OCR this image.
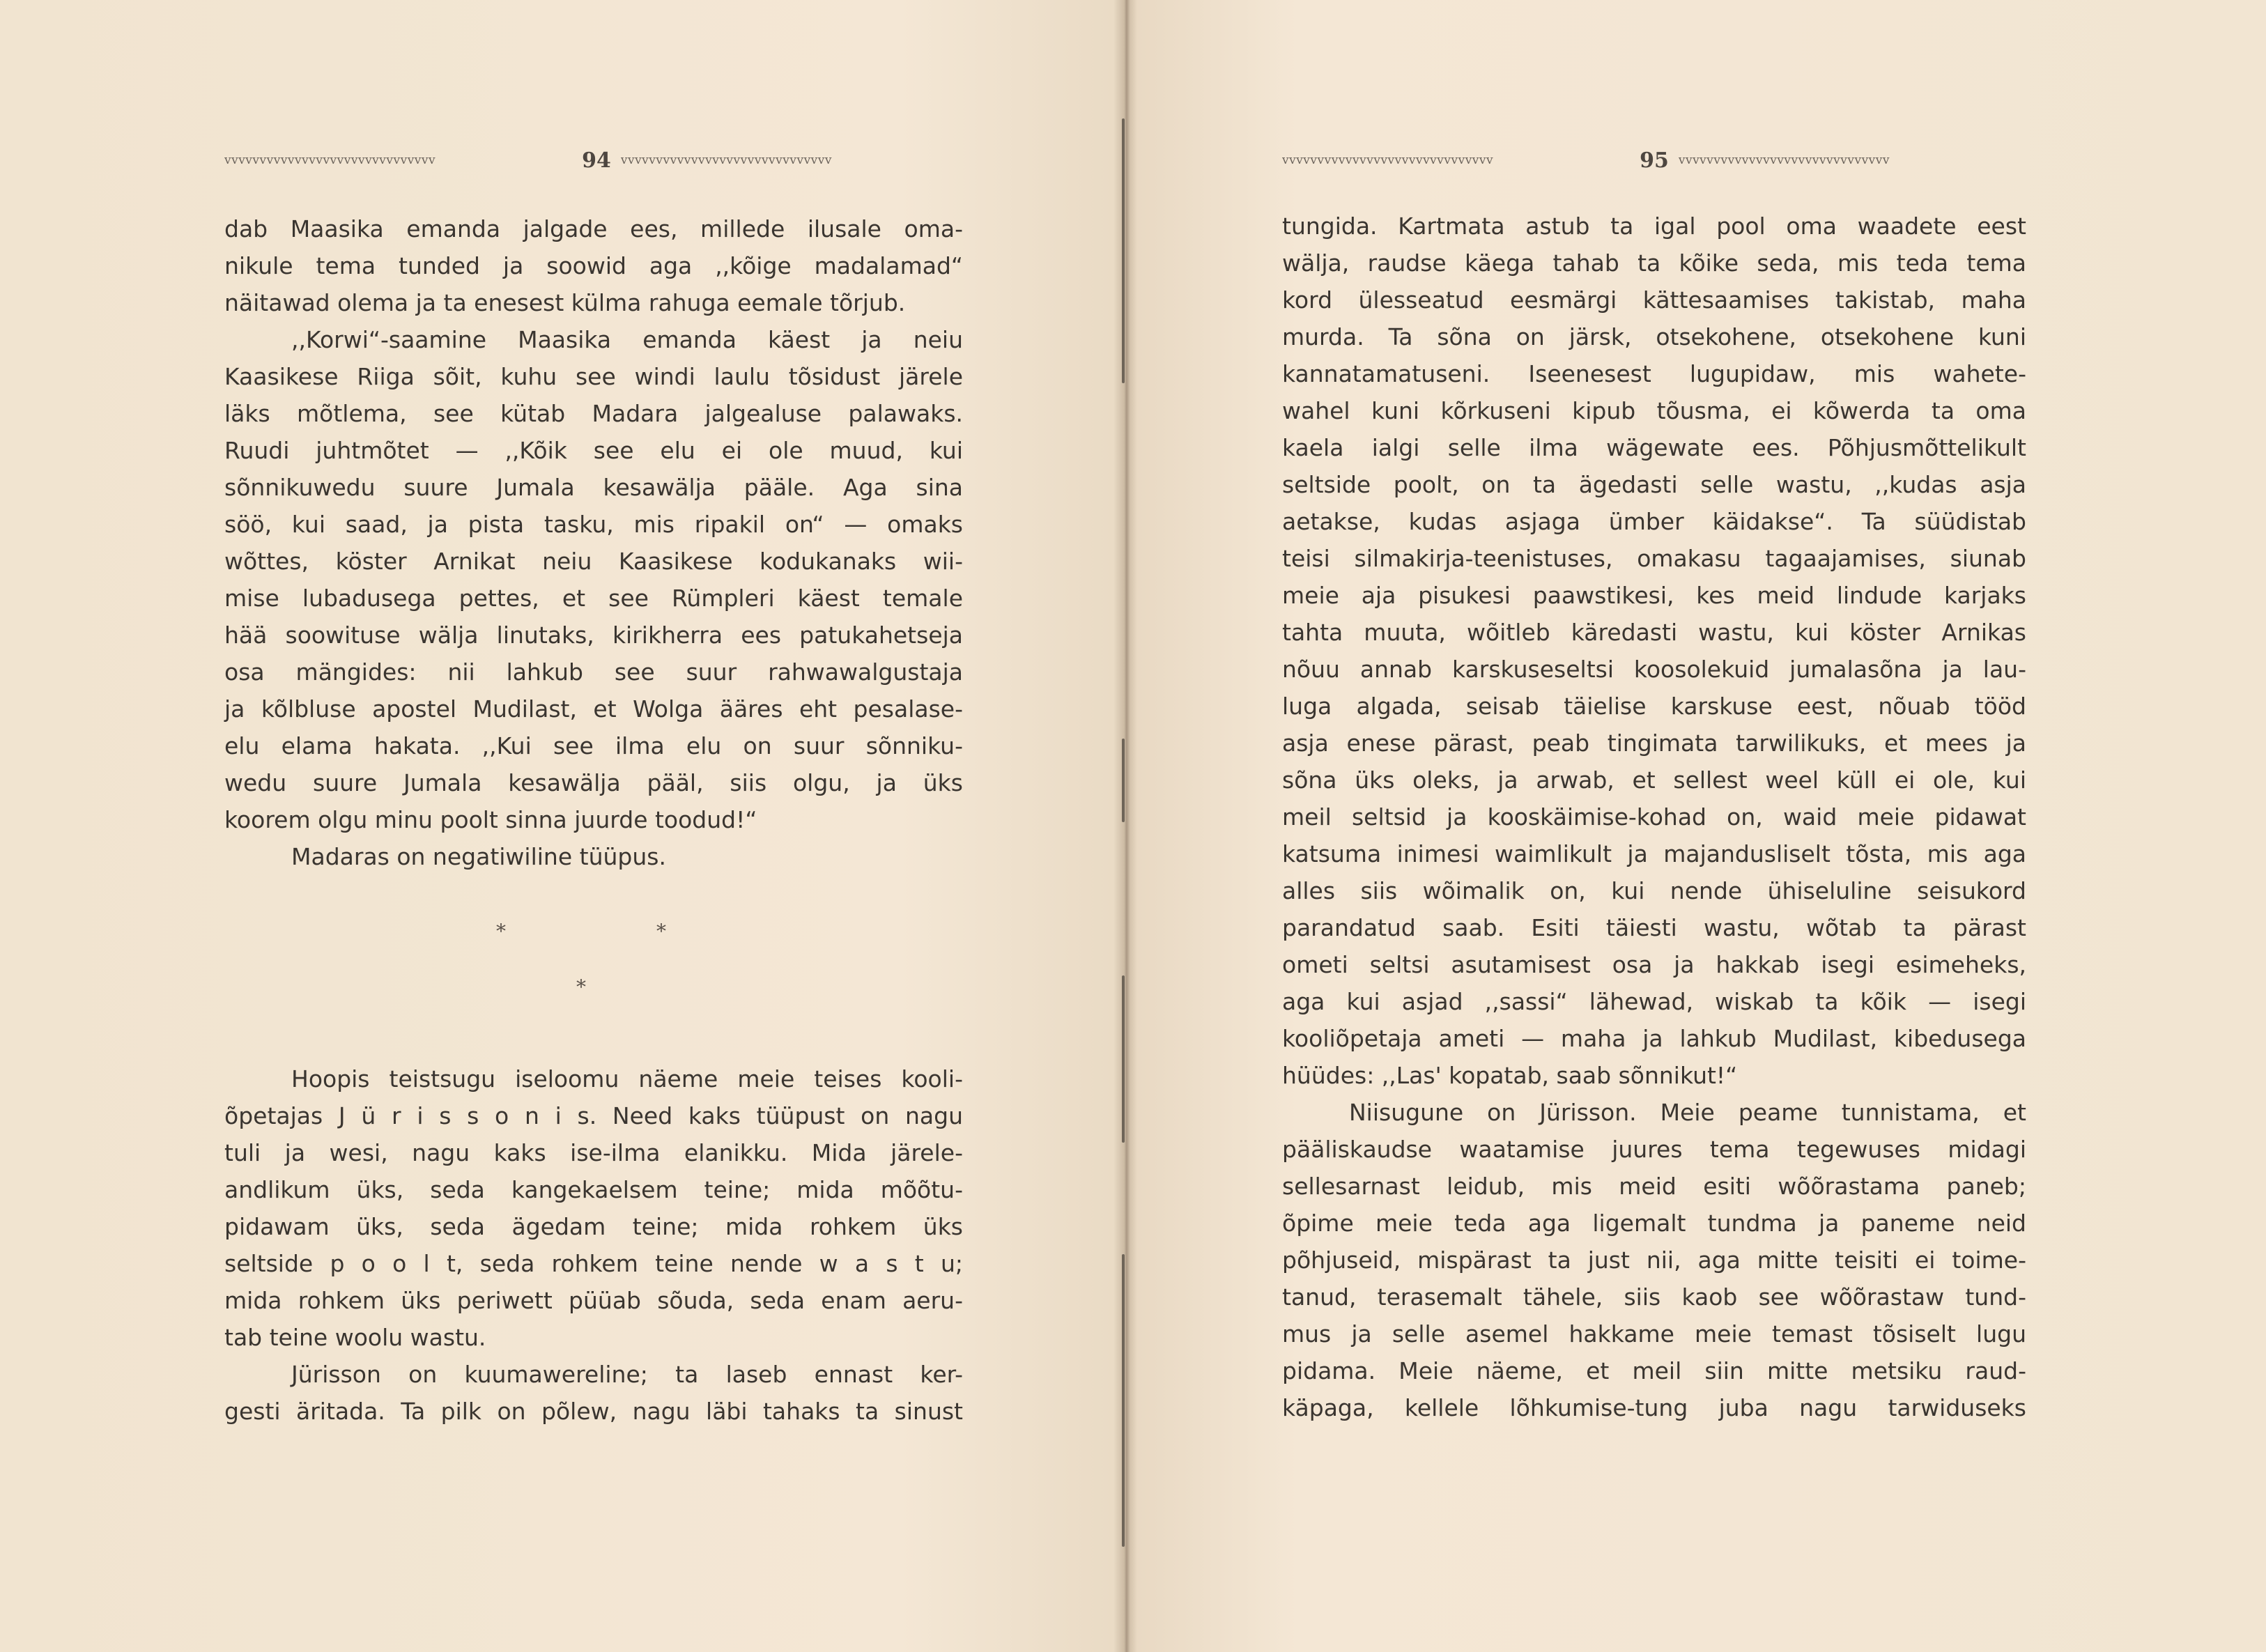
vvvvvvvvvvvvvvvvvvvvvvvvvvvvvv	94 vvvvvvvvvvvvvvvvvvvvvvvvvvvvvv
dab Maasika emanda jalgade ees, millede ilusale oma-
nikule tema tunded ja soowid aga ,,kõige madalamad“
näitawad olema ja ta enesest külma rahuga eemale tõrjub.
,,Korwi“-saamine Maasika emanda käest ja neiu
Kaasikese Riiga sõit, kuhu see windi laulu tõsidust järele
läks mõtlema, see kütab Madara jalgealuse palawaks.
Ruudi juhtmõtet — ,,Kõik see elu ei ole muud, kui
sõnnikuwedu suure Jumala kesawälja pääle. Aga sina
söö, kui saad, ja pista tasku, mis ripakil on“ — omaks
wõttes, köster Arnikat neiu Kaasikese kodukanaks wii-
mise lubadusega pettes, et see Rümpleri käest temale
hää soowituse wälja linutaks, kirikherra ees patukahetseja
osa mängides: nii lahkub see suur rahwawalgustaja
ja kõlbluse apostel Mudilast, et Wolga ääres eht pesalase-
elu elama hakata. ,,Kui see ilma elu on suur sõnniku-
wedu suure Jumala kesawälja pääl, siis olgu, ja üks
koorem olgu minu poolt sinna juurde toodud!“
Madaras on negatiwiline tüüpus.
*	*
*
Hoopis teistsugu iseloomu näeme meie teises kooli-
õpetajas J ü r i s s o n i s. Need kaks tüüpust on nagu
tuli ja wesi, nagu kaks ise-ilma elanikku. Mida järele-
andlikum üks, seda kangekaelsem teine; mida mõõtu-
pidawam üks, seda ägedam teine; mida rohkem üks
seltside p o o l t, seda rohkem teine nende w a s t u;
mida rohkem üks periwett püüab sõuda, seda enam aeru-
tab teine woolu wastu.
Jürisson on kuumawereline; ta laseb ennast ker-
gesti äritada. Ta pilk on põlew, nagu läbi tahaks ta sinust
vvvvvvvvvvvvvvvvvvvvvvvvvvvvvv	95 vvvvvvvvvvvvvvvvvvvvvvvvvvvvvv
tungida. Kartmata astub ta igal pool oma waadete eest
wälja, raudse käega tahab ta kõike seda, mis teda tema
kord ülesseatud eesmärgi kättesaamises takistab, maha
murda. Ta sõna on järsk, otsekohene, otsekohene kuni
kannatamatuseni. Iseenesest lugupidaw, mis wahete-
wahel kuni kõrkuseni kipub tõusma, ei kõwerda ta oma
kaela ialgi selle ilma wägewate ees. Põhjusmõttelikult
seltside poolt, on ta ägedasti selle wastu, ,,kudas asja
aetakse, kudas asjaga ümber käidakse“. Ta süüdistab
teisi silmakirja-teenistuses, omakasu tagaajamises, siunab
meie aja pisukesi paawstikesi, kes meid lindude karjaks
tahta muuta, wõitleb käredasti wastu, kui köster Arnikas
nõuu annab karskuseseltsi koosolekuid jumalasõna ja lau-
luga algada, seisab täielise karskuse eest, nõuab tööd
asja enese pärast, peab tingimata tarwilikuks, et mees ja
sõna üks oleks, ja arwab, et sellest weel küll ei ole, kui
meil seltsid ja kooskäimise-kohad on, waid meie pidawat
katsuma inimesi waimlikult ja majandusliselt tõsta, mis aga
alles siis wõimalik on, kui nende ühiseluline seisukord
parandatud saab. Esiti täiesti wastu, wõtab ta pärast
ometi seltsi asutamisest osa ja hakkab isegi esimeheks,
aga kui asjad ,,sassi“ lähewad, wiskab ta kõik — isegi
kooliõpetaja ameti — maha ja lahkub Mudilast, kibedusega
hüüdes: ,,Las' kopatab, saab sõnnikut!“
Niisugune on Jürisson. Meie peame tunnistama, et
pääliskaudse waatamise juures tema tegewuses midagi
sellesarnast leidub, mis meid esiti wõõrastama paneb;
õpime meie teda aga ligemalt tundma ja paneme neid
põhjuseid, mispärast ta just nii, aga mitte teisiti ei toime-
tanud, terasemalt tähele, siis kaob see wõõrastaw tund-
mus ja selle asemel hakkame meie temast tõsiselt lugu
pidama. Meie näeme, et meil siin mitte metsiku raud-
käpaga, kellele lõhkumise-tung juba nagu tarwiduseks
